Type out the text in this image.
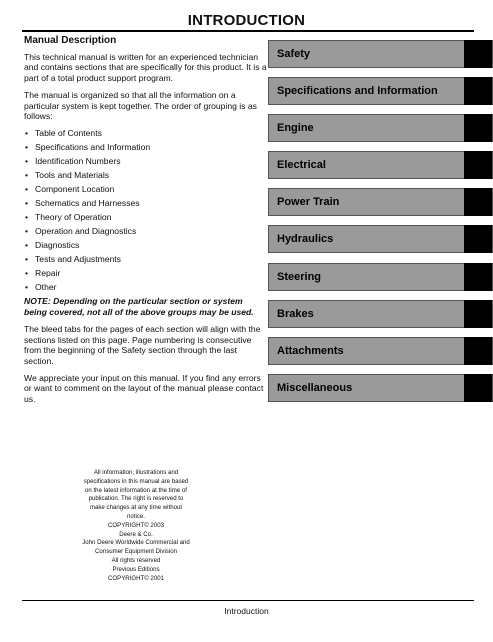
INTRODUCTION
Manual Description

This technical manual is written for an experienced technician and contains sections that are specifically for this product. It is a part of a total product support program.

The manual is organized so that all the information on a particular system is kept together. The order of grouping is as follows:

• Table of Contents
• Specifications and Information
• Identification Numbers
• Tools and Materials
• Component Location
• Schematics and Harnesses
• Theory of Operation
• Operation and Diagnostics
• Diagnostics
• Tests and Adjustments
• Repair
• Other

NOTE: Depending on the particular section or system being covered, not all of the above groups may be used.

The bleed tabs for the pages of each section will align with the sections listed on this page. Page numbering is consecutive from the beginning of the Safety section through the last section.

We appreciate your input on this manual. If you find any errors or want to comment on the layout of the manual please contact us.

Safety
Specifications and Information
Engine
Electrical
Power Train
Hydraulics
Steering
Brakes
Attachments
Miscellaneous
All information, illustrations and
specifications in this manual are based
on the latest information at the time of
publication. The right is reserved to
make changes at any time without
notice.
COPYRIGHT© 2003
Deere & Co.
John Deere Worldwide Commercial and
Consumer Equipment Division
All rights reserved
Previous Editions
COPYRIGHT© 2001
Introduction
